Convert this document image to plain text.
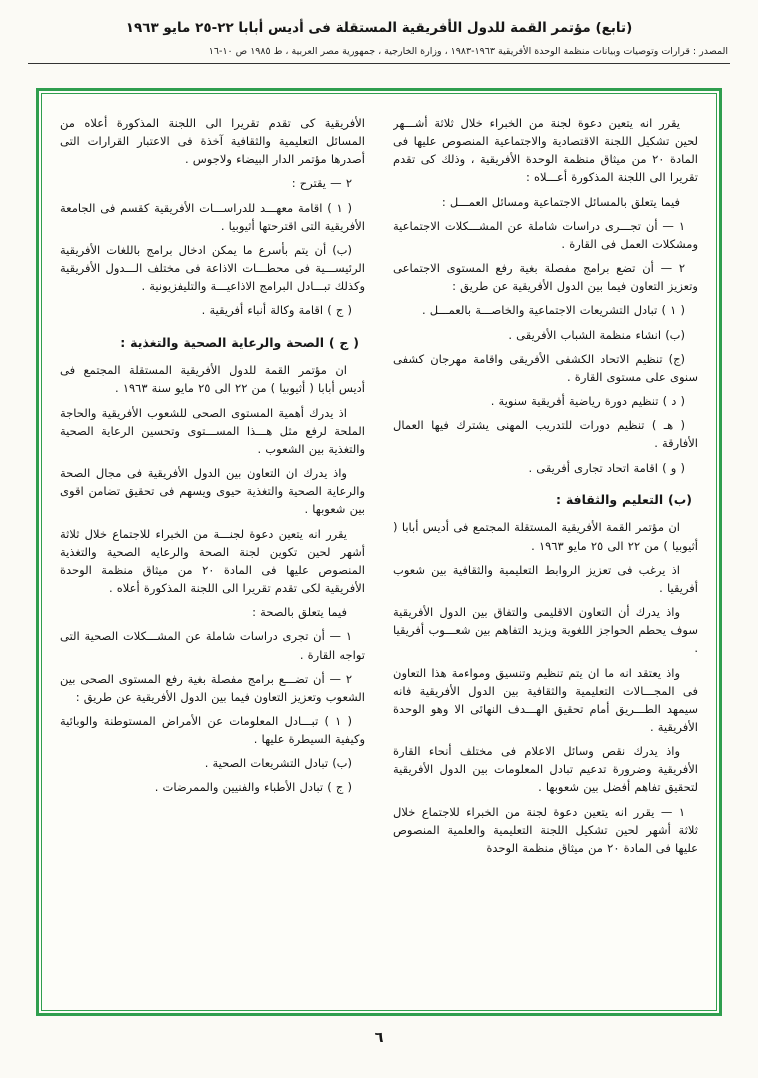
(تابع) مؤتمر القمة للدول الأفريقية المستقلة فى أديس أبابا ٢٢-٢٥ مايو ١٩٦٣
المصدر : قرارات وتوصيات وبيانات منظمة الوحدة الأفريقية ١٩٦٣-١٩٨٣ ، وزارة الخارجية ، جمهورية مصر العربية ، ط ١٩٨٥ ص ١٠-١٦

يقرر انه يتعين دعوة لجنة من الخبراء خلال ثلاثة أشـــهر لحين تشكيل اللجنة الاقتصادية والاجتماعية المنصوص عليها فى المادة ٢٠ من ميثاق منظمة الوحدة الأفريقية ، وذلك كى تقدم تقريرا الى اللجنة المذكورة أعـــلاه :

فيما يتعلق بالمسائل الاجتماعية ومسائل العمـــل :

١ — أن تجـــرى دراسات شاملة عن المشـــكلات الاجتماعية ومشكلات العمل فى القارة .

٢ — أن تضع برامج مفصلة بغية رفع المستوى الاجتماعى وتعزيز التعاون فيما بين الدول الأفريقية عن طريق :

( ١ ) تبادل التشريعات الاجتماعية والخاصـــة بالعمـــل .

(ب) انشاء منظمة الشباب الأفريقى .

(ج) تنظيم الاتحاد الكشفى الأفريقى واقامة مهرجان كشفى سنوى على مستوى القارة .

( د ) تنظيم دورة رياضية أفريقية سنوية .

( هـ ) تنظيم دورات للتدريب المهنى يشترك فيها العمال الأفارقة .

( و ) اقامة اتحاد تجارى أفريقى .

(ب) التعليم والثقافة :

ان مؤتمر القمة الأفريقية المستقلة المجتمع فى أديس أبابا ( أثيوبيا ) من ٢٢ الى ٢٥ مايو ١٩٦٣ .

اذ يرغب فى تعزيز الروابط التعليمية والثقافية بين شعوب أفريقيا .

واذ يدرك أن التعاون الاقليمى والتفاق بين الدول الأفريقية سوف يحطم الحواجز اللغوية ويزيد التفاهم بين شعـــوب أفريقيا .

واذ يعتقد انه ما ان يتم تنظيم وتنسيق ومواءمة هذا التعاون فى المجـــالات التعليمية والثقافية بين الدول الأفريقية فانه سيمهد الطـــريق أمام تحقيق الهـــدف النهائى الا وهو الوحدة الأفريقية .

واذ يدرك نقص وسائل الاعلام فى مختلف أنحاء القارة الأفريقية وضرورة تدعيم تبادل المعلومات بين الدول الأفريقية لتحقيق تفاهم أفضل بين شعوبها .

١ — يقرر انه يتعين دعوة لجنة من الخبراء للاجتماع خلال ثلاثة أشهر لحين تشكيل اللجنة التعليمية والعلمية المنصوص عليها فى المادة ٢٠ من ميثاق منظمة الوحدة

الأفريقية كى تقدم تقريرا الى اللجنة المذكورة أعلاه من المسائل التعليمية والثقافية آخذة فى الاعتبار القرارات التى أصدرها مؤتمر الدار البيضاء ولاجوس .

٢ — يقترح :

( ١ ) اقامة معهـــد للدراســـات الأفريقية كقسم فى الجامعة الأفريقية التى اقترحتها أثيوبيا .

(ب) أن يتم بأسرع ما يمكن ادخال برامج باللغات الأفريقية الرئيســـية فى محطـــات الاذاعة فى مختلف الـــدول الأفريقية وكذلك تبـــادل البرامج الاذاعيـــة والتليفزيونية .

( ج ) اقامة وكالة أنباء أفريقية .

( ج ) الصحة والرعاية الصحية والتغذية :

ان مؤتمر القمة للدول الأفريقية المستقلة المجتمع فى أديس أبابا ( أثيوبيا ) من ٢٢ الى ٢٥ مايو سنة ١٩٦٣ .

اذ يدرك أهمية المستوى الصحى للشعوب الأفريقية والحاجة الملحة لرفع مثل هـــذا المســـتوى وتحسين الرعاية الصحية والتغذية بين الشعوب .

واذ يدرك ان التعاون بين الدول الأفريقية فى مجال الصحة والرعاية الصحية والتغذية حيوى ويسهم فى تحقيق تضامن اقوى بين شعوبها .

يقرر انه يتعين دعوة لجنـــة من الخبراء للاجتماع خلال ثلاثة أشهر لحين تكوين لجنة الصحة والرعايه الصحية والتغذية المنصوص عليها فى المادة ٢٠ من ميثاق منظمة الوحدة الأفريقية لكى تقدم تقريرا الى اللجنة المذكورة أعلاه .

فيما يتعلق بالصحة :

١ — أن تجرى دراسات شاملة عن المشـــكلات الصحية التى تواجه القارة .

٢ — أن تضـــع برامج مفصلة بغية رفع المستوى الصحى بين الشعوب وتعزيز التعاون فيما بين الدول الأفريقية عن طريق :

( ١ ) تبـــادل المعلومات عن الأمراض المستوطنة والوبائية وكيفية السيطرة عليها .

(ب) تبادل التشريعات الصحية .

( ج ) تبادل الأطباء والفنيين والممرضات .

٦
